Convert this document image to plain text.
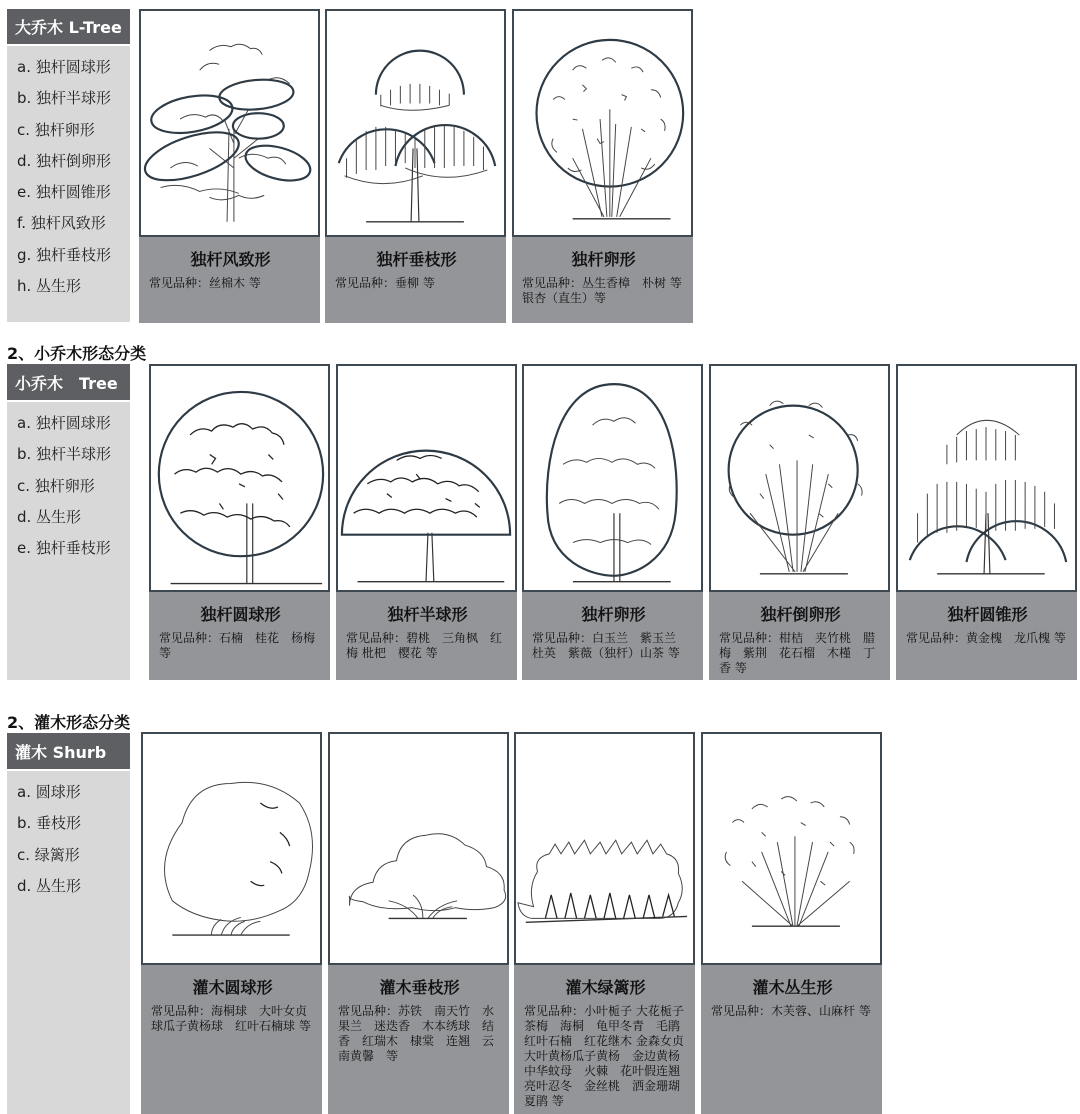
大乔木 L-Tree
a. 独杆圆球形
b. 独杆半球形
c. 独杆卵形
d. 独杆倒卵形
e. 独杆圆锥形
f. 独杆风致形
g. 独杆垂枝形
h. 丛生形
独杆风致形
常见品种：丝棉木 等
独杆垂枝形
常见品种：垂柳 等
独杆卵形
常见品种：丛生香樟　朴树 等 银杏（直生）等
2、小乔木形态分类
小乔木　Tree
a. 独杆圆球形
b. 独杆半球形
c. 独杆卵形
d. 丛生形
e. 独杆垂枝形
独杆圆球形
常见品种：石楠　桂花　杨梅 等
独杆半球形
常见品种：碧桃　三角枫　红梅 枇杷　樱花 等
独杆卵形
常见品种：白玉兰　紫玉兰　杜英　紫薇（独杆）山茶 等
独杆倒卵形
常见品种：柑桔　夹竹桃　腊梅　紫荆　花石榴　木槿　丁香 等
独杆圆锥形
常见品种：黄金槐　龙爪槐 等
2、灌木形态分类
灌木 Shurb
a. 圆球形
b. 垂枝形
c. 绿篱形
d. 丛生形
灌木圆球形
常见品种：海桐球　大叶女贞球瓜子黄杨球　红叶石楠球 等
灌木垂枝形
常见品种：苏铁　南天竹　水果兰　迷迭香　木本绣球　结香　红瑞木　棣棠　连翘　云南黄馨　等
灌木绿篱形
常见品种：小叶栀子 大花栀子 茶梅　海桐　龟甲冬青　毛鹃 红叶石楠　红花继木 金森女贞 大叶黄杨瓜子黄杨　金边黄杨 中华蚊母　火棘　花叶假连翘 亮叶忍冬　金丝桃　洒金珊瑚 夏鹃 等
灌木丛生形
常见品种：木芙蓉、山麻杆 等
